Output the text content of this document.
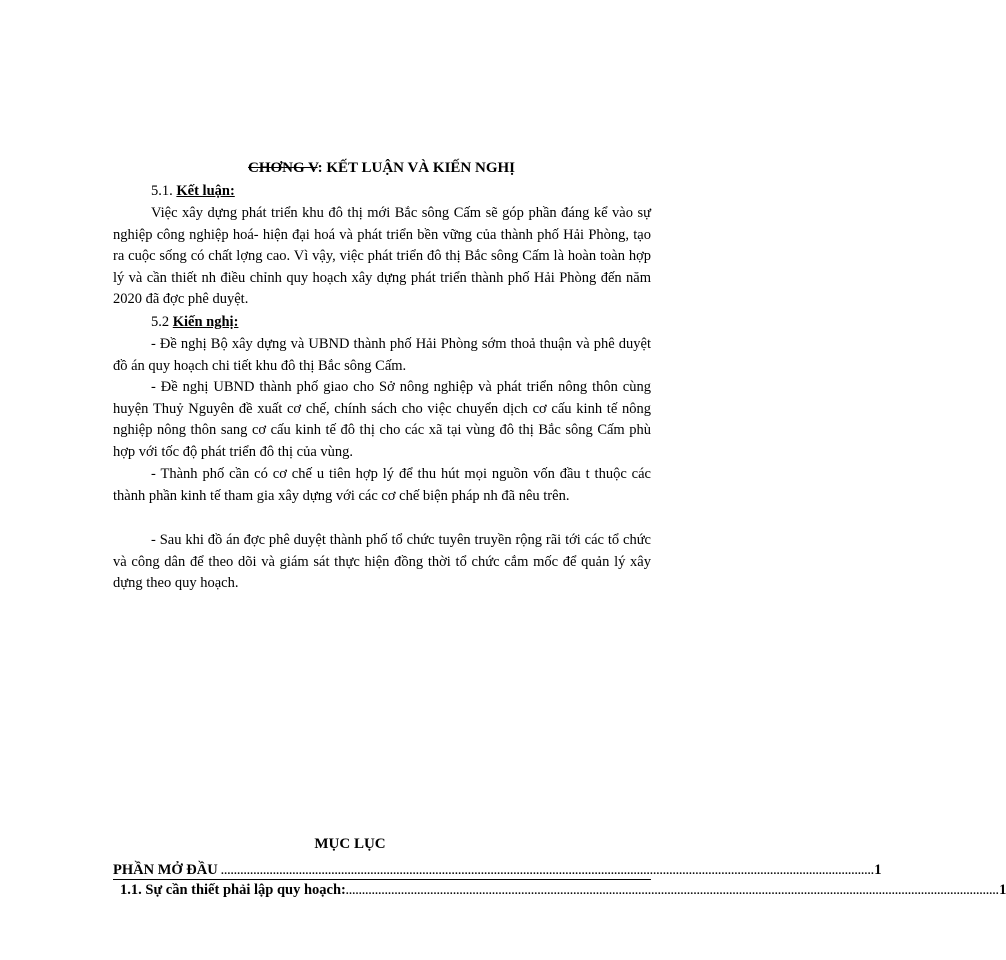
CHƠNG V: KẾT LUẬN VÀ KIẾN NGHỊ
5.1. Kết luận:
Việc xây dựng phát triển khu đô thị mới Bắc sông Cấm sẽ góp phần đáng kể vào sự nghiệp công nghiệp hoá- hiện đại hoá và phát triển bền vững của thành phố Hải Phòng, tạo ra cuộc sống có chất lợng cao. Vì vậy, việc phát triển đô thị Bắc sông Cấm là hoàn toàn hợp lý và cần thiết nh điều chỉnh quy hoạch xây dựng phát triển thành phố Hải Phòng đến năm 2020 đã đợc phê duyệt.
5.2 Kiến nghị:
- Đề nghị Bộ xây dựng và UBND thành phố Hải Phòng sớm thoả thuận và phê duyệt đồ án quy hoạch chi tiết khu đô thị Bắc sông Cấm.
- Đề nghị UBND thành phố giao cho Sở nông nghiệp và phát triển nông thôn cùng huyện Thuỷ Nguyên đề xuất cơ chế, chính sách cho việc chuyển dịch cơ cấu kinh tế nông nghiệp nông thôn sang cơ cấu kinh tế đô thị cho các xã tại vùng đô thị Bắc sông Cấm phù hợp với tốc độ phát triển đô thị của vùng.
- Thành phố cần có cơ chế u tiên hợp lý để thu hút mọi nguồn vốn đầu t thuộc các thành phần kinh tế tham gia xây dựng với các cơ chế biện pháp nh đã nêu trên.
- Sau khi đồ án đợc phê duyệt thành phố tổ chức tuyên truyền rộng rãi tới các tổ chức và công dân để theo dõi và giám sát thực hiện đồng thời tổ chức cắm mốc để quản lý xây dựng theo quy hoạch.
MỤC LỤC
PHẦN MỞ ĐẦU ......................................................................................................................................................................................................... 1
1.1. Sự cần thiết phải lập quy hoạch: ......................................................................................................................................................................................................... 1
